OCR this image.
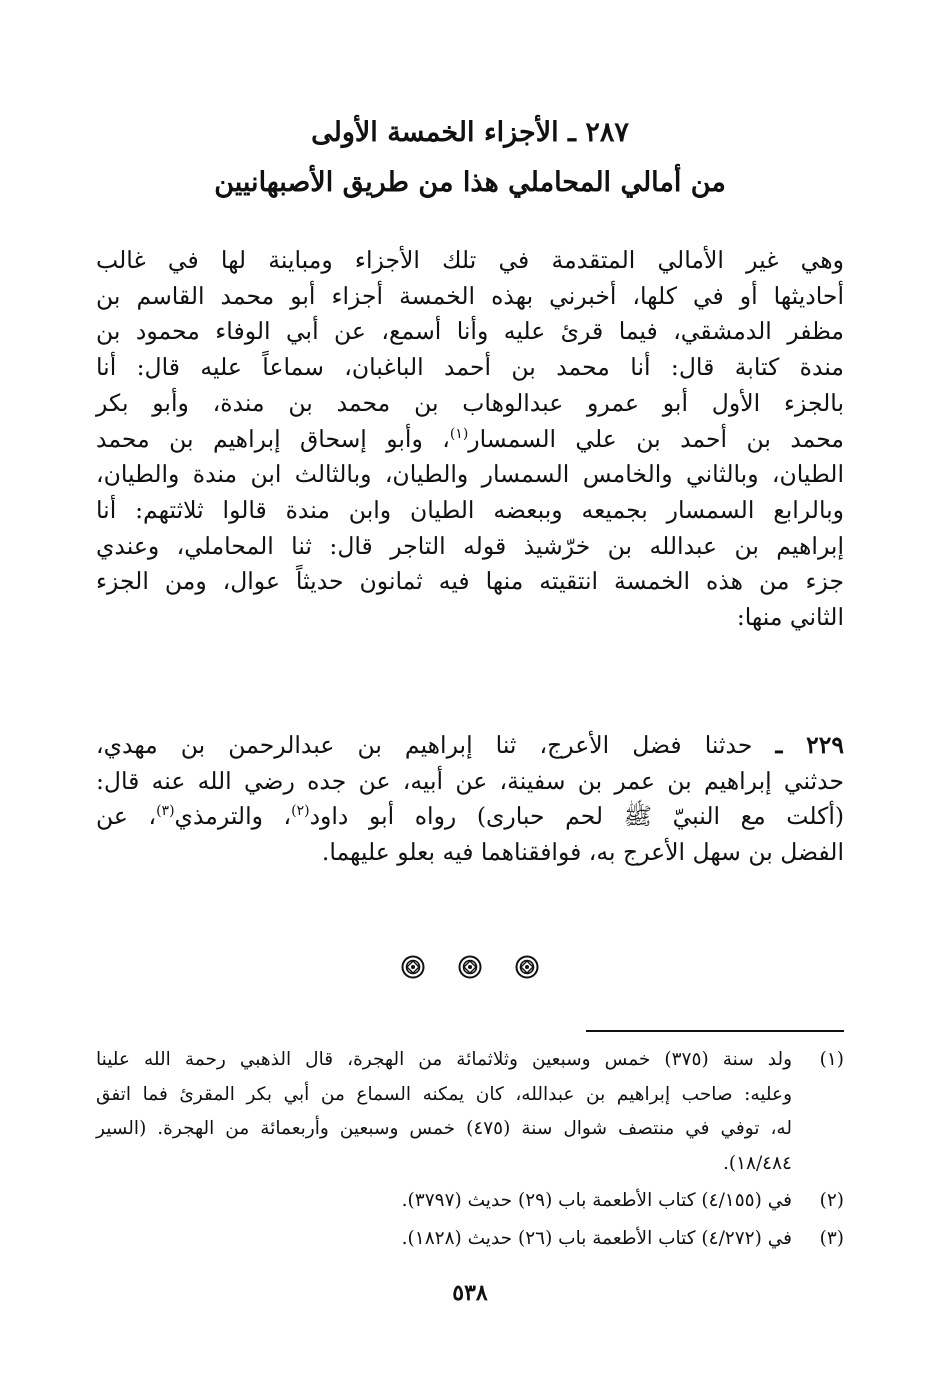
٢٨٧ ـ الأجزاء الخمسة الأولى
من أمالي المحاملي هذا من طريق الأصبهانيين
وهي غير الأمالي المتقدمة في تلك الأجزاء ومباينة لها في غالب
أحاديثها أو في كلها، أخبرني بهذه الخمسة أجزاء أبو محمد القاسم بن
مظفر الدمشقي، فيما قرئ عليه وأنا أسمع، عن أبي الوفاء محمود بن
مندة كتابة قال: أنا محمد بن أحمد الباغبان، سماعاً عليه قال: أنا
بالجزء الأول أبو عمرو عبدالوهاب بن محمد بن مندة، وأبو بكر
محمد بن أحمد بن علي السمسار$^{(١)}$، وأبو إسحاق إبراهيم بن محمد
الطيان، وبالثاني والخامس السمسار والطيان، وبالثالث ابن مندة والطيان،
وبالرابع السمسار بجميعه وببعضه الطيان وابن مندة قالوا ثلاثتهم: أنا
إبراهيم بن عبدالله بن خرّشيذ قوله التاجر قال: ثنا المحاملي، وعندي
جزء من هذه الخمسة انتقيته منها فيه ثمانون حديثاً عوال، ومن الجزء
الثاني منها:
٢٢٩ ـ حدثنا فضل الأعرج، ثنا إبراهيم بن عبدالرحمن بن مهدي،
حدثني إبراهيم بن عمر بن سفينة، عن أبيه، عن جده رضي الله عنه قال:
(أكلت مع النبيّ ﷺ لحم حبارى) رواه أبو داود$^{(٢)}$، والترمذي$^{(٣)}$، عن
الفضل بن سهل الأعرج به، فوافقناهما فيه بعلو عليهما.

(١)
ولد سنة (٣٧٥) خمس وسبعين وثلاثمائة من الهجرة، قال الذهبي رحمة الله علينا
وعليه: صاحب إبراهيم بن عبدالله، كان يمكنه السماع من أبي بكر المقرئ فما اتفق
له، توفي في منتصف شوال سنة (٤٧٥) خمس وسبعين وأربعمائة من الهجرة. (السير
١٨/٤٨٤).
(٢)
في (٤/١٥٥) كتاب الأطعمة باب (٢٩) حديث (٣٧٩٧).
(٣)
في (٤/٢٧٢) كتاب الأطعمة باب (٢٦) حديث (١٨٢٨).
٥٣٨
